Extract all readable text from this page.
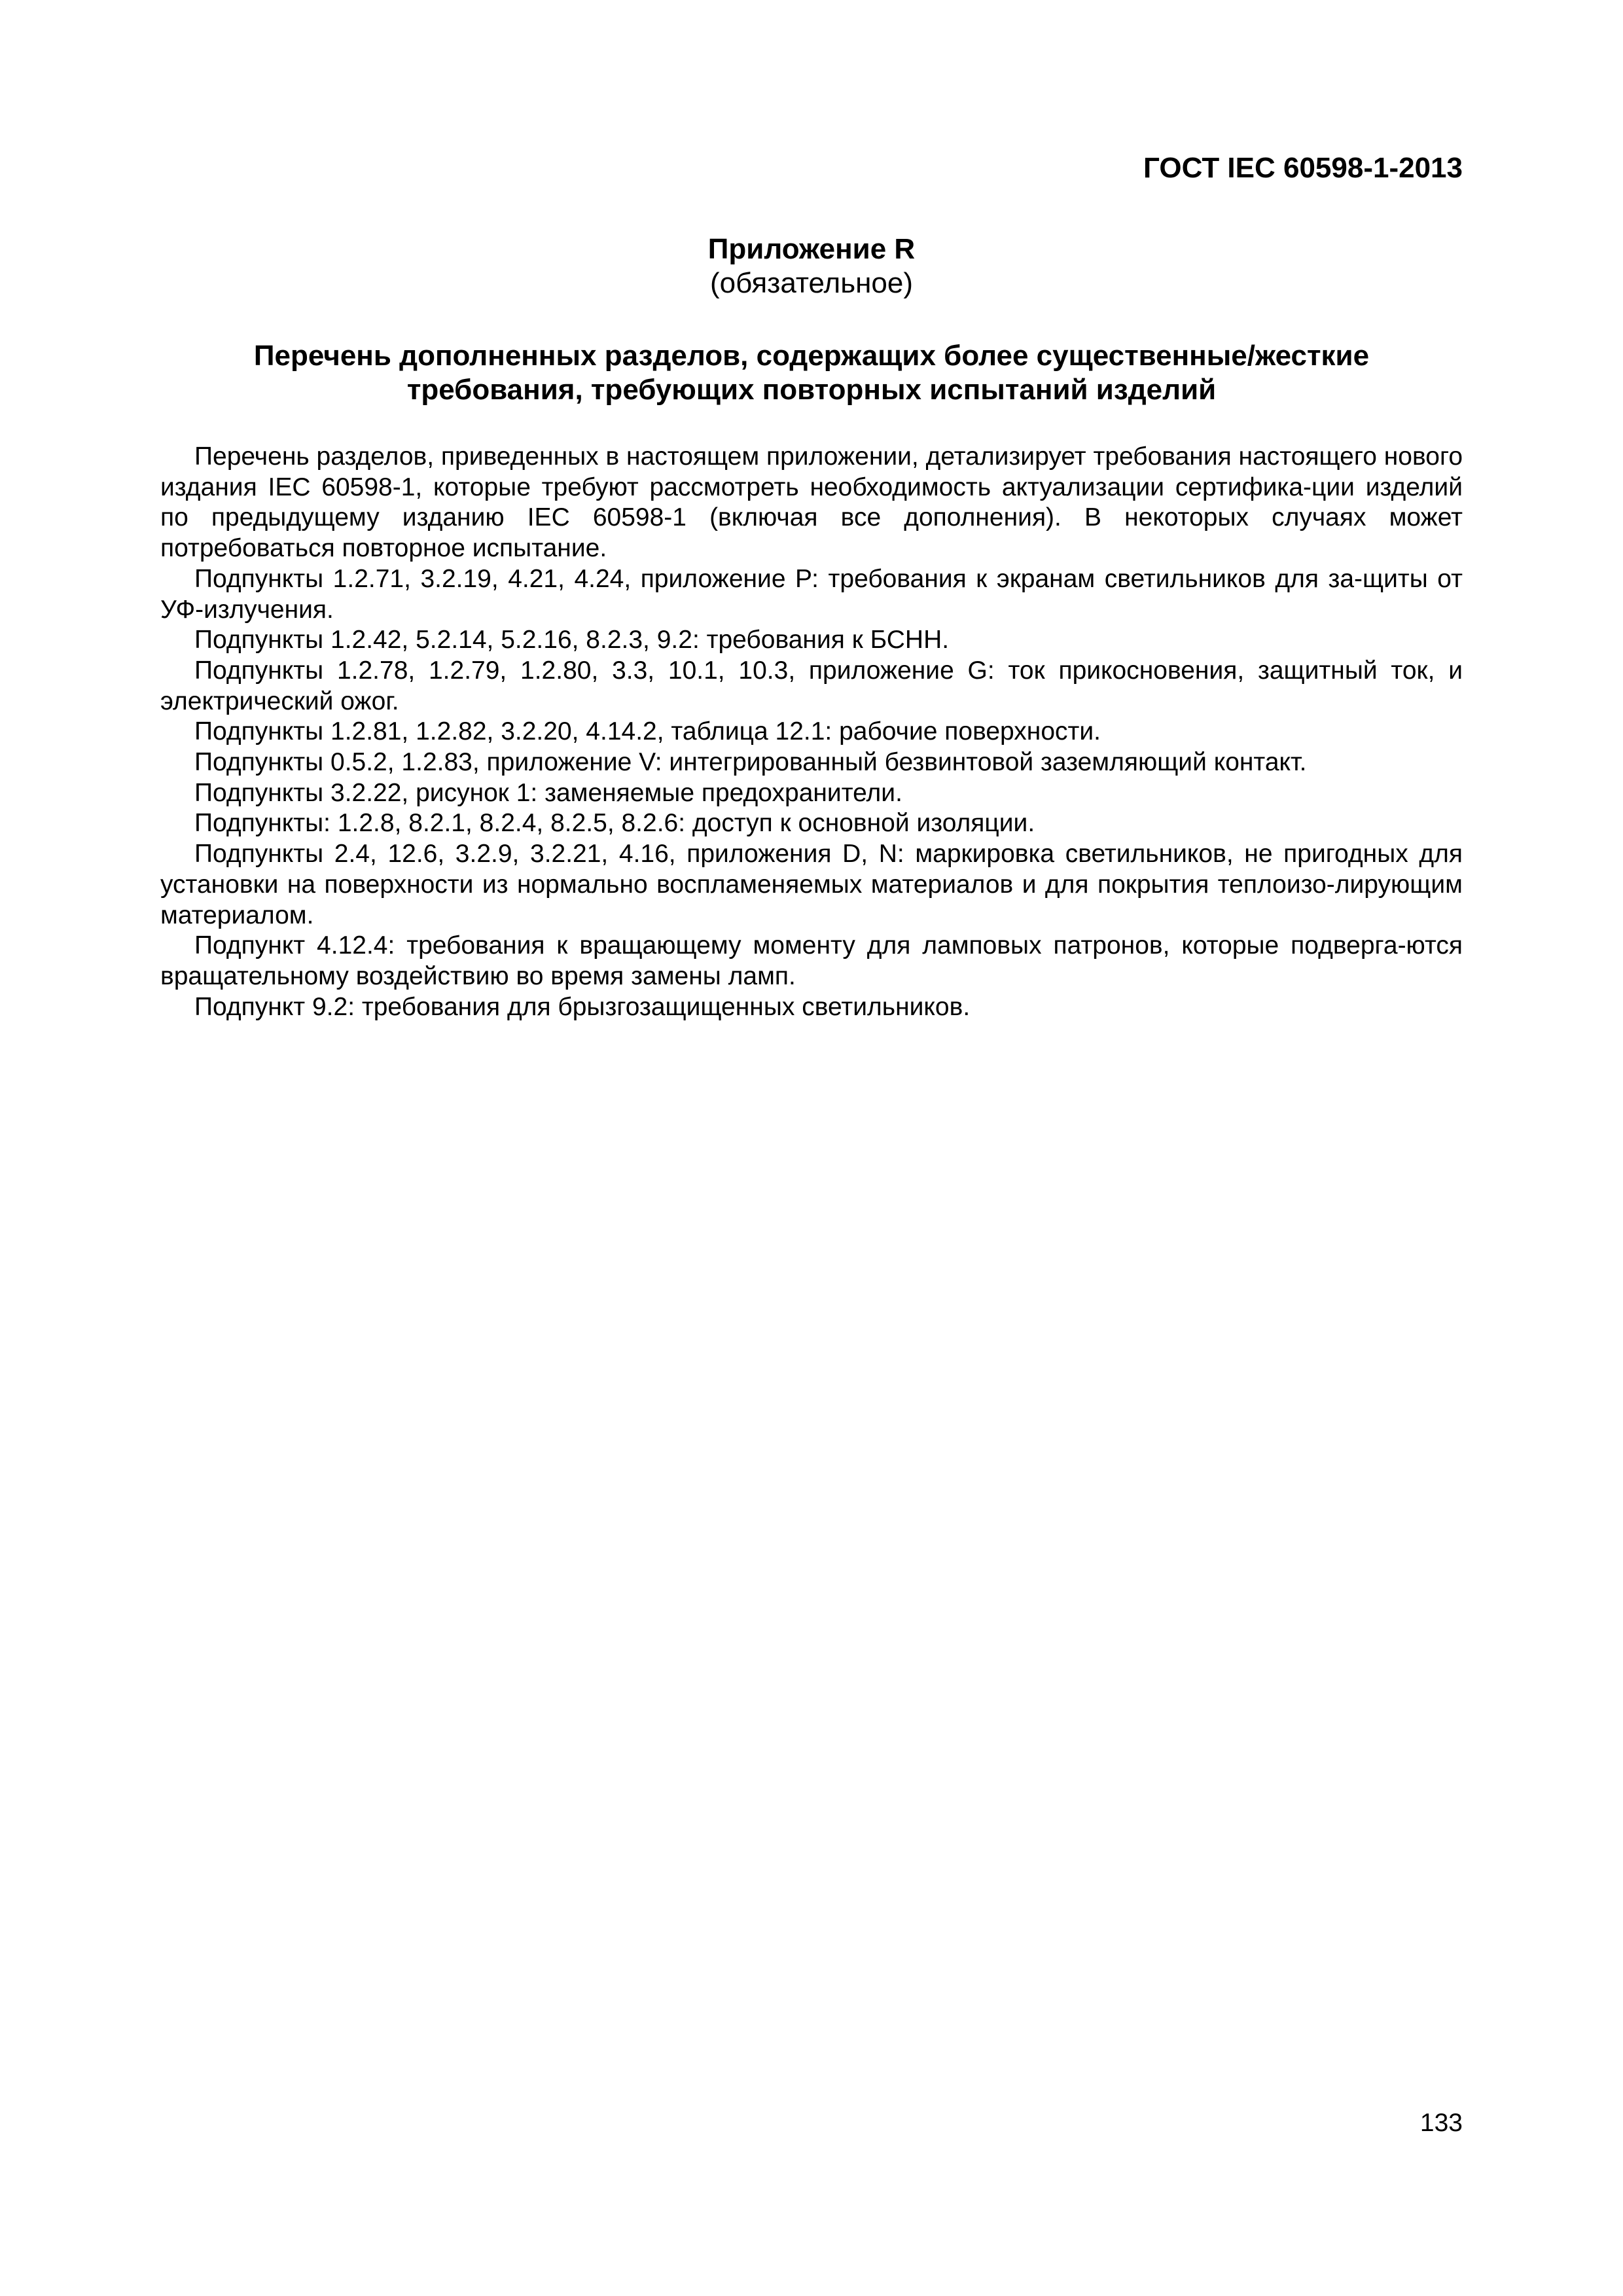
ГОСТ IEC 60598-1-2013
Приложение R
(обязательное)
Перечень дополненных разделов, содержащих более существенные/жесткие
требования, требующих повторных испытаний изделий

Перечень разделов, приведенных в настоящем приложении, детализирует требования настоящего нового издания IEC 60598-1, которые требуют рассмотреть необходимость актуализации сертифика-ции изделий по предыдущему изданию IEC 60598-1 (включая все дополнения). В некоторых случаях может потребоваться повторное испытание.

Подпункты 1.2.71, 3.2.19, 4.21, 4.24, приложение Р: требования к экранам светильников для за-щиты от УФ-излучения.

Подпункты 1.2.42, 5.2.14, 5.2.16, 8.2.3, 9.2: требования к БСНН.

Подпункты 1.2.78, 1.2.79, 1.2.80, 3.3, 10.1, 10.3, приложение G: ток прикосновения, защитный ток, и электрический ожог.

Подпункты 1.2.81, 1.2.82, 3.2.20, 4.14.2, таблица 12.1: рабочие поверхности.

Подпункты 0.5.2, 1.2.83, приложение V: интегрированный безвинтовой заземляющий контакт.

Подпункты 3.2.22, рисунок 1: заменяемые предохранители.

Подпункты: 1.2.8, 8.2.1, 8.2.4, 8.2.5, 8.2.6: доступ к основной изоляции.

Подпункты 2.4, 12.6, 3.2.9, 3.2.21, 4.16, приложения D, N: маркировка светильников, не пригодных для установки на поверхности из нормально воспламеняемых материалов и для покрытия теплоизо-лирующим материалом.

Подпункт 4.12.4: требования к вращающему моменту для ламповых патронов, которые подверга-ются вращательному воздействию во время замены ламп.

Подпункт 9.2: требования для брызгозащищенных светильников.

133
